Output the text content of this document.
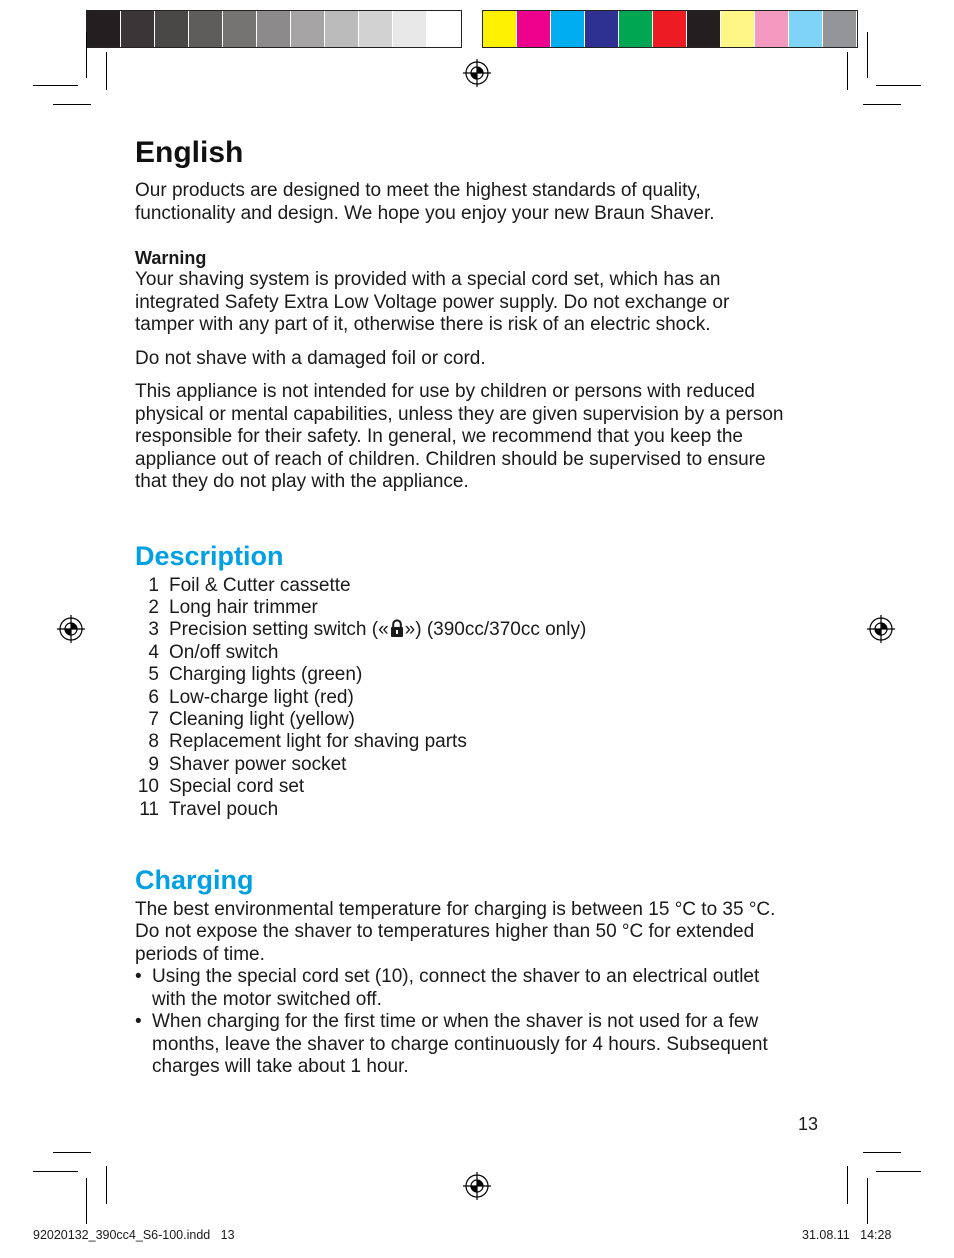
English

Our products are designed to meet the highest standards of quality,

functionality and design. We hope you enjoy your new Braun Shaver.

Warning

Your shaving system is provided with a special cord set, which has an

integrated Safety Extra Low Voltage power supply. Do not exchange or

tamper with any part of it, otherwise there is risk of an electric shock.

Do not shave with a damaged foil or cord.

This appliance is not intended for use by children or persons with reduced

physical or mental capabilities, unless they are given supervision by a person

responsible for their safety. In general, we recommend that you keep the

appliance out of reach of children. Children should be supervised to ensure

that they do not play with the appliance.

Description
1 Foil & Cutter cassette
2 Long hair trimmer
3 Precision setting switch (« ») (390cc/370cc only)
4 On/off switch
5 Charging lights (green)
6 Low-charge light (red)
7 Cleaning light (yellow)
8 Replacement light for shaving parts
9 Shaver power socket
10 Special cord set
11 Travel pouch
Charging

The best environmental temperature for charging is between 15 °C to 35 °C.

Do not expose the shaver to temperatures higher than 50 °C for extended

periods of time.

• Using the special cord set (10), connect the shaver to an electrical outlet

with the motor switched off.

• When charging for the first time or when the shaver is not used for a few

months, leave the shaver to charge continuously for 4 hours. Subsequent

charges will take about 1 hour.

13
92020132_390cc4_S6-100.indd   13	31.08.11   14:28
